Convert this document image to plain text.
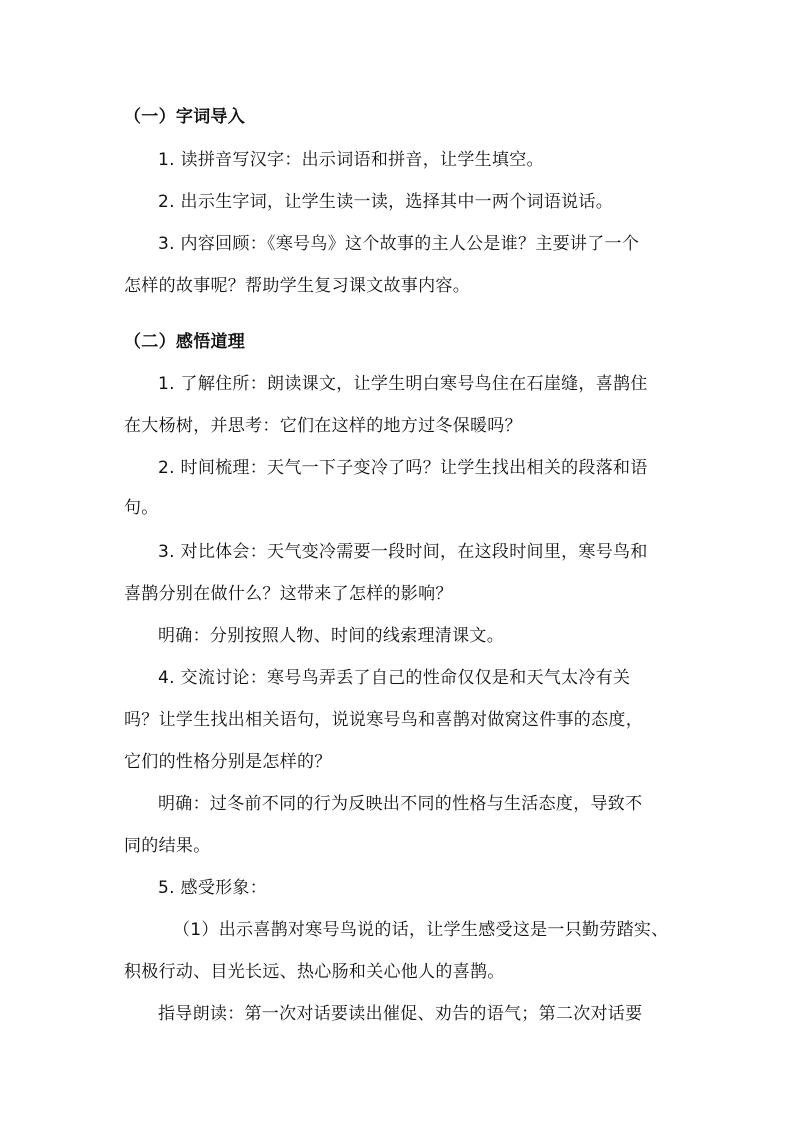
（一）字词导入
1. 读拼音写汉字：出示词语和拼音，让学生填空。
2. 出示生字词，让学生读一读，选择其中一两个词语说话。
3. 内容回顾：《寒号鸟》这个故事的主人公是谁？主要讲了一个
怎样的故事呢？帮助学生复习课文故事内容。
（二）感悟道理
1. 了解住所：朗读课文，让学生明白寒号鸟住在石崖缝，喜鹊住
在大杨树，并思考：它们在这样的地方过冬保暖吗？
2. 时间梳理：天气一下子变冷了吗？让学生找出相关的段落和语
句。
3. 对比体会：天气变冷需要一段时间，在这段时间里，寒号鸟和
喜鹊分别在做什么？这带来了怎样的影响？
明确：分别按照人物、时间的线索理清课文。
4. 交流讨论：寒号鸟弄丢了自己的性命仅仅是和天气太冷有关
吗？让学生找出相关语句，说说寒号鸟和喜鹊对做窝这件事的态度，
它们的性格分别是怎样的？
明确：过冬前不同的行为反映出不同的性格与生活态度，导致不
同的结果。
5. 感受形象：
（1）出示喜鹊对寒号鸟说的话，让学生感受这是一只勤劳踏实、
积极行动、目光长远、热心肠和关心他人的喜鹊。
指导朗读：第一次对话要读出催促、劝告的语气；第二次对话要
